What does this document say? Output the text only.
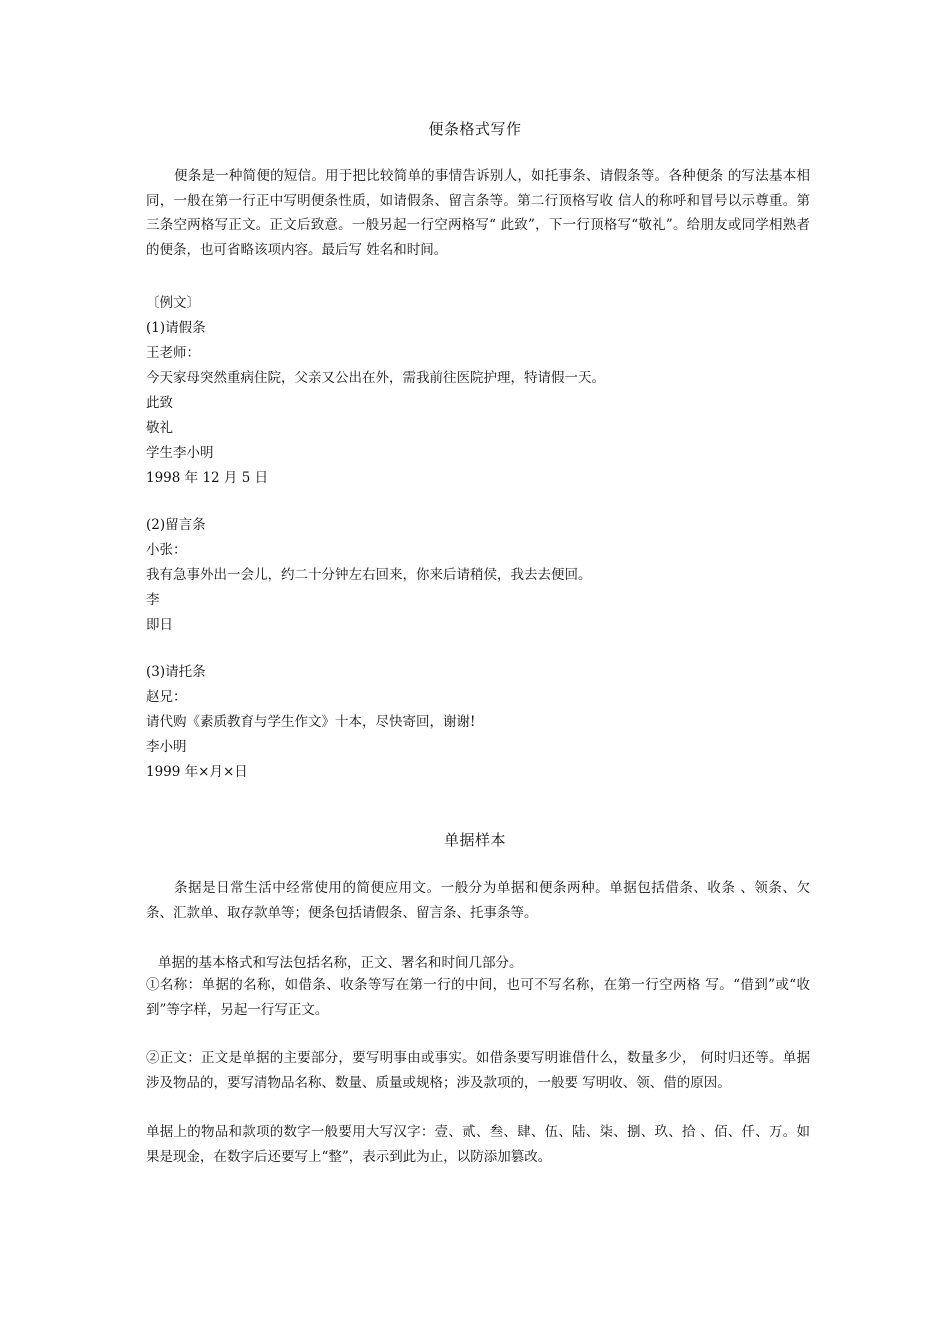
便条格式写作

便条是一种简便的短信。用于把比较简单的事情告诉别人，如托事条、请假条等。各种便条 的写法基本相同，一般在第一行正中写明便条性质，如请假条、留言条等。第二行顶格写收 信人的称呼和冒号以示尊重。第三条空两格写正文。正文后致意。一般另起一行空两格写“ 此致”，下一行顶格写“敬礼”。给朋友或同学相熟者的便条，也可省略该项内容。最后写 姓名和时间。

〔例文〕
(1)请假条
王老师：
今天家母突然重病住院，父亲又公出在外，需我前往医院护理，特请假一天。
此致
敬礼
学生李小明
1998 年 12 月 5 日
(2)留言条
小张：
我有急事外出一会儿，约二十分钟左右回来，你来后请稍侯，我去去便回。
李
即日
(3)请托条
赵兄：
请代购《素质教育与学生作文》十本，尽快寄回，谢谢!
李小明
1999 年×月×日
单据样本

条据是日常生活中经常使用的简便应用文。一般分为单据和便条两种。单据包括借条、收条 、领条、欠条、汇款单、取存款单等；便条包括请假条、留言条、托事条等。

单据的基本格式和写法包括名称，正文、署名和时间几部分。

①名称：单据的名称，如借条、收条等写在第一行的中间，也可不写名称，在第一行空两格 写。“借到”或“收到”等字样，另起一行写正文。

②正文：正文是单据的主要部分，要写明事由或事实。如借条要写明谁借什么，数量多少， 何时归还等。单据涉及物品的，要写清物品名称、数量、质量或规格；涉及款项的，一般要 写明收、领、借的原因。

单据上的物品和款项的数字一般要用大写汉字：壹、贰、叁、肆、伍、陆、柒、捌、玖、拾 、佰、仟、万。如果是现金，在数字后还要写上“整”，表示到此为止，以防添加篡改。
